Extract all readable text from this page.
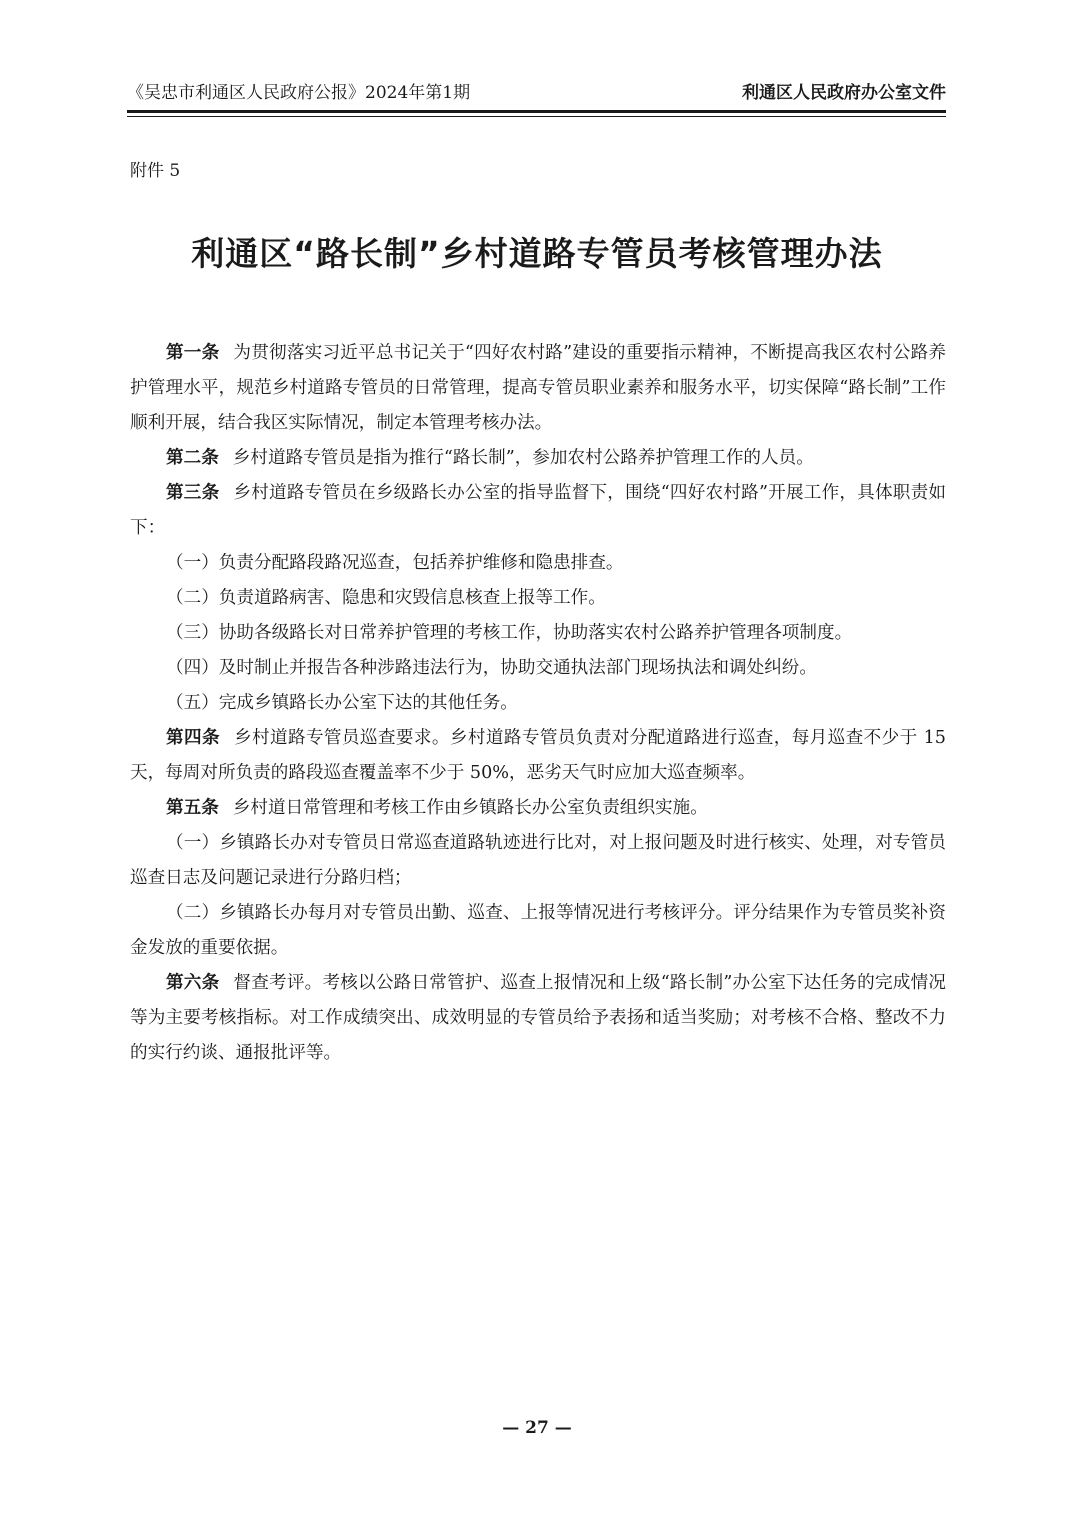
《吴忠市利通区人民政府公报》2024年第1期	利通区人民政府办公室文件
附件 5
利通区“路长制”乡村道路专管员考核管理办法

第一条 为贯彻落实习近平总书记关于“四好农村路”建设的重要指示精神，不断提高我区农村公路养护管理水平，规范乡村道路专管员的日常管理，提高专管员职业素养和服务水平，切实保障“路长制”工作顺利开展，结合我区实际情况，制定本管理考核办法。

第二条 乡村道路专管员是指为推行“路长制”，参加农村公路养护管理工作的人员。

第三条 乡村道路专管员在乡级路长办公室的指导监督下，围绕“四好农村路”开展工作，具体职责如下：

（一）负责分配路段路况巡查，包括养护维修和隐患排查。

（二）负责道路病害、隐患和灾毁信息核查上报等工作。

（三）协助各级路长对日常养护管理的考核工作，协助落实农村公路养护管理各项制度。

（四）及时制止并报告各种涉路违法行为，协助交通执法部门现场执法和调处纠纷。

（五）完成乡镇路长办公室下达的其他任务。

第四条 乡村道路专管员巡查要求。乡村道路专管员负责对分配道路进行巡查，每月巡查不少于 15 天，每周对所负责的路段巡查覆盖率不少于 50%，恶劣天气时应加大巡查频率。

第五条 乡村道日常管理和考核工作由乡镇路长办公室负责组织实施。

（一）乡镇路长办对专管员日常巡查道路轨迹进行比对，对上报问题及时进行核实、处理，对专管员巡查日志及问题记录进行分路归档；

（二）乡镇路长办每月对专管员出勤、巡查、上报等情况进行考核评分。评分结果作为专管员奖补资金发放的重要依据。

第六条 督查考评。考核以公路日常管护、巡查上报情况和上级“路长制”办公室下达任务的完成情况等为主要考核指标。对工作成绩突出、成效明显的专管员给予表扬和适当奖励；对考核不合格、整改不力的实行约谈、通报批评等。

— 27 —
